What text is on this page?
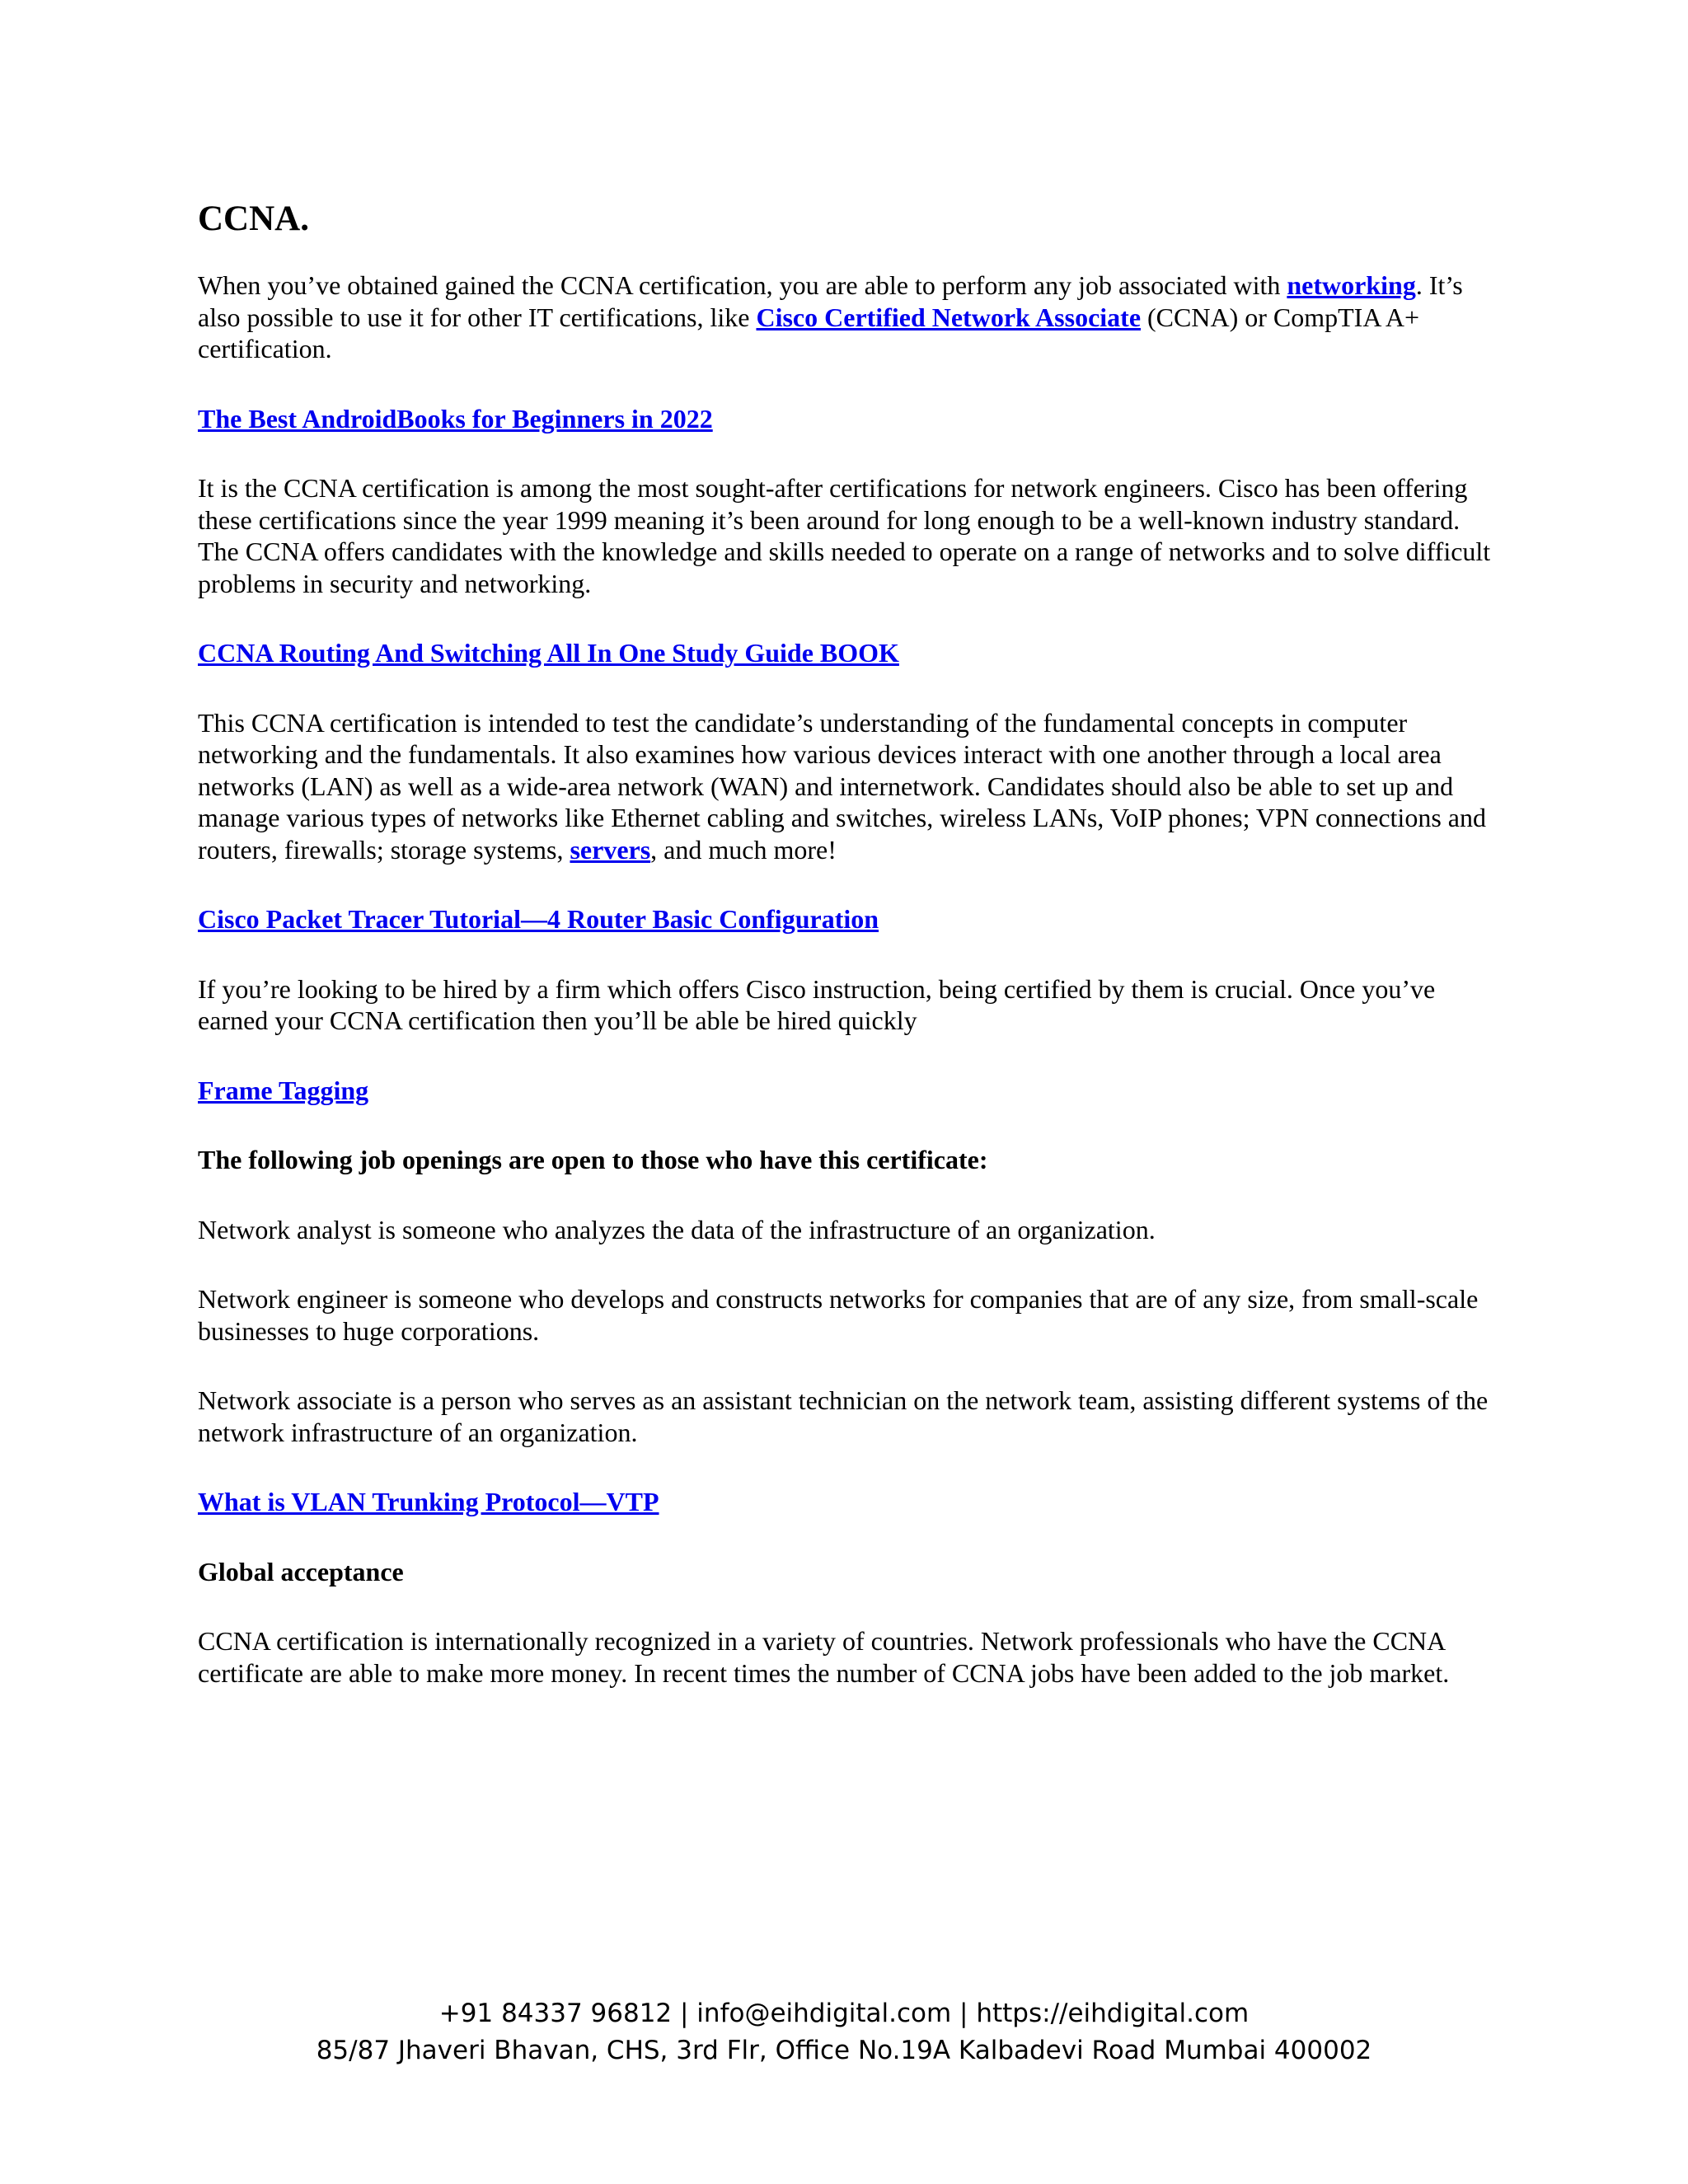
CCNA.

When you’ve obtained gained the CCNA certification, you are able to perform any job associated with networking. It’s also possible to use it for other IT certifications, like Cisco Certified Network Associate (CCNA) or CompTIA A+ certification.

The Best AndroidBooks for Beginners in 2022

It is the CCNA certification is among the most sought-after certifications for network engineers. Cisco has been offering these certifications since the year 1999 meaning it’s been around for long enough to be a well-known industry standard. The CCNA offers candidates with the knowledge and skills needed to operate on a range of networks and to solve difficult problems in security and networking.

CCNA Routing And Switching All In One Study Guide BOOK

This CCNA certification is intended to test the candidate’s understanding of the fundamental concepts in computer networking and the fundamentals. It also examines how various devices interact with one another through a local area networks (LAN) as well as a wide-area network (WAN) and internetwork. Candidates should also be able to set up and manage various types of networks like Ethernet cabling and switches, wireless LANs, VoIP phones; VPN connections and routers, firewalls; storage systems, servers, and much more!

Cisco Packet Tracer Tutorial—4 Router Basic Configuration

If you’re looking to be hired by a firm which offers Cisco instruction, being certified by them is crucial. Once you’ve earned your CCNA certification then you’ll be able be hired quickly

Frame Tagging

The following job openings are open to those who have this certificate:

Network analyst is someone who analyzes the data of the infrastructure of an organization.

Network engineer is someone who develops and constructs networks for companies that are of any size, from small-scale businesses to huge corporations.

Network associate is a person who serves as an assistant technician on the network team, assisting different systems of the network infrastructure of an organization.

What is VLAN Trunking Protocol—VTP

Global acceptance

CCNA certification is internationally recognized in a variety of countries. Network professionals who have the CCNA certificate are able to make more money. In recent times the number of CCNA jobs have been added to the job market.

+91 84337 96812 | info@eihdigital.com | https://eihdigital.com
85/87 Jhaveri Bhavan, CHS, 3rd Flr, Office No.19A Kalbadevi Road Mumbai 400002
